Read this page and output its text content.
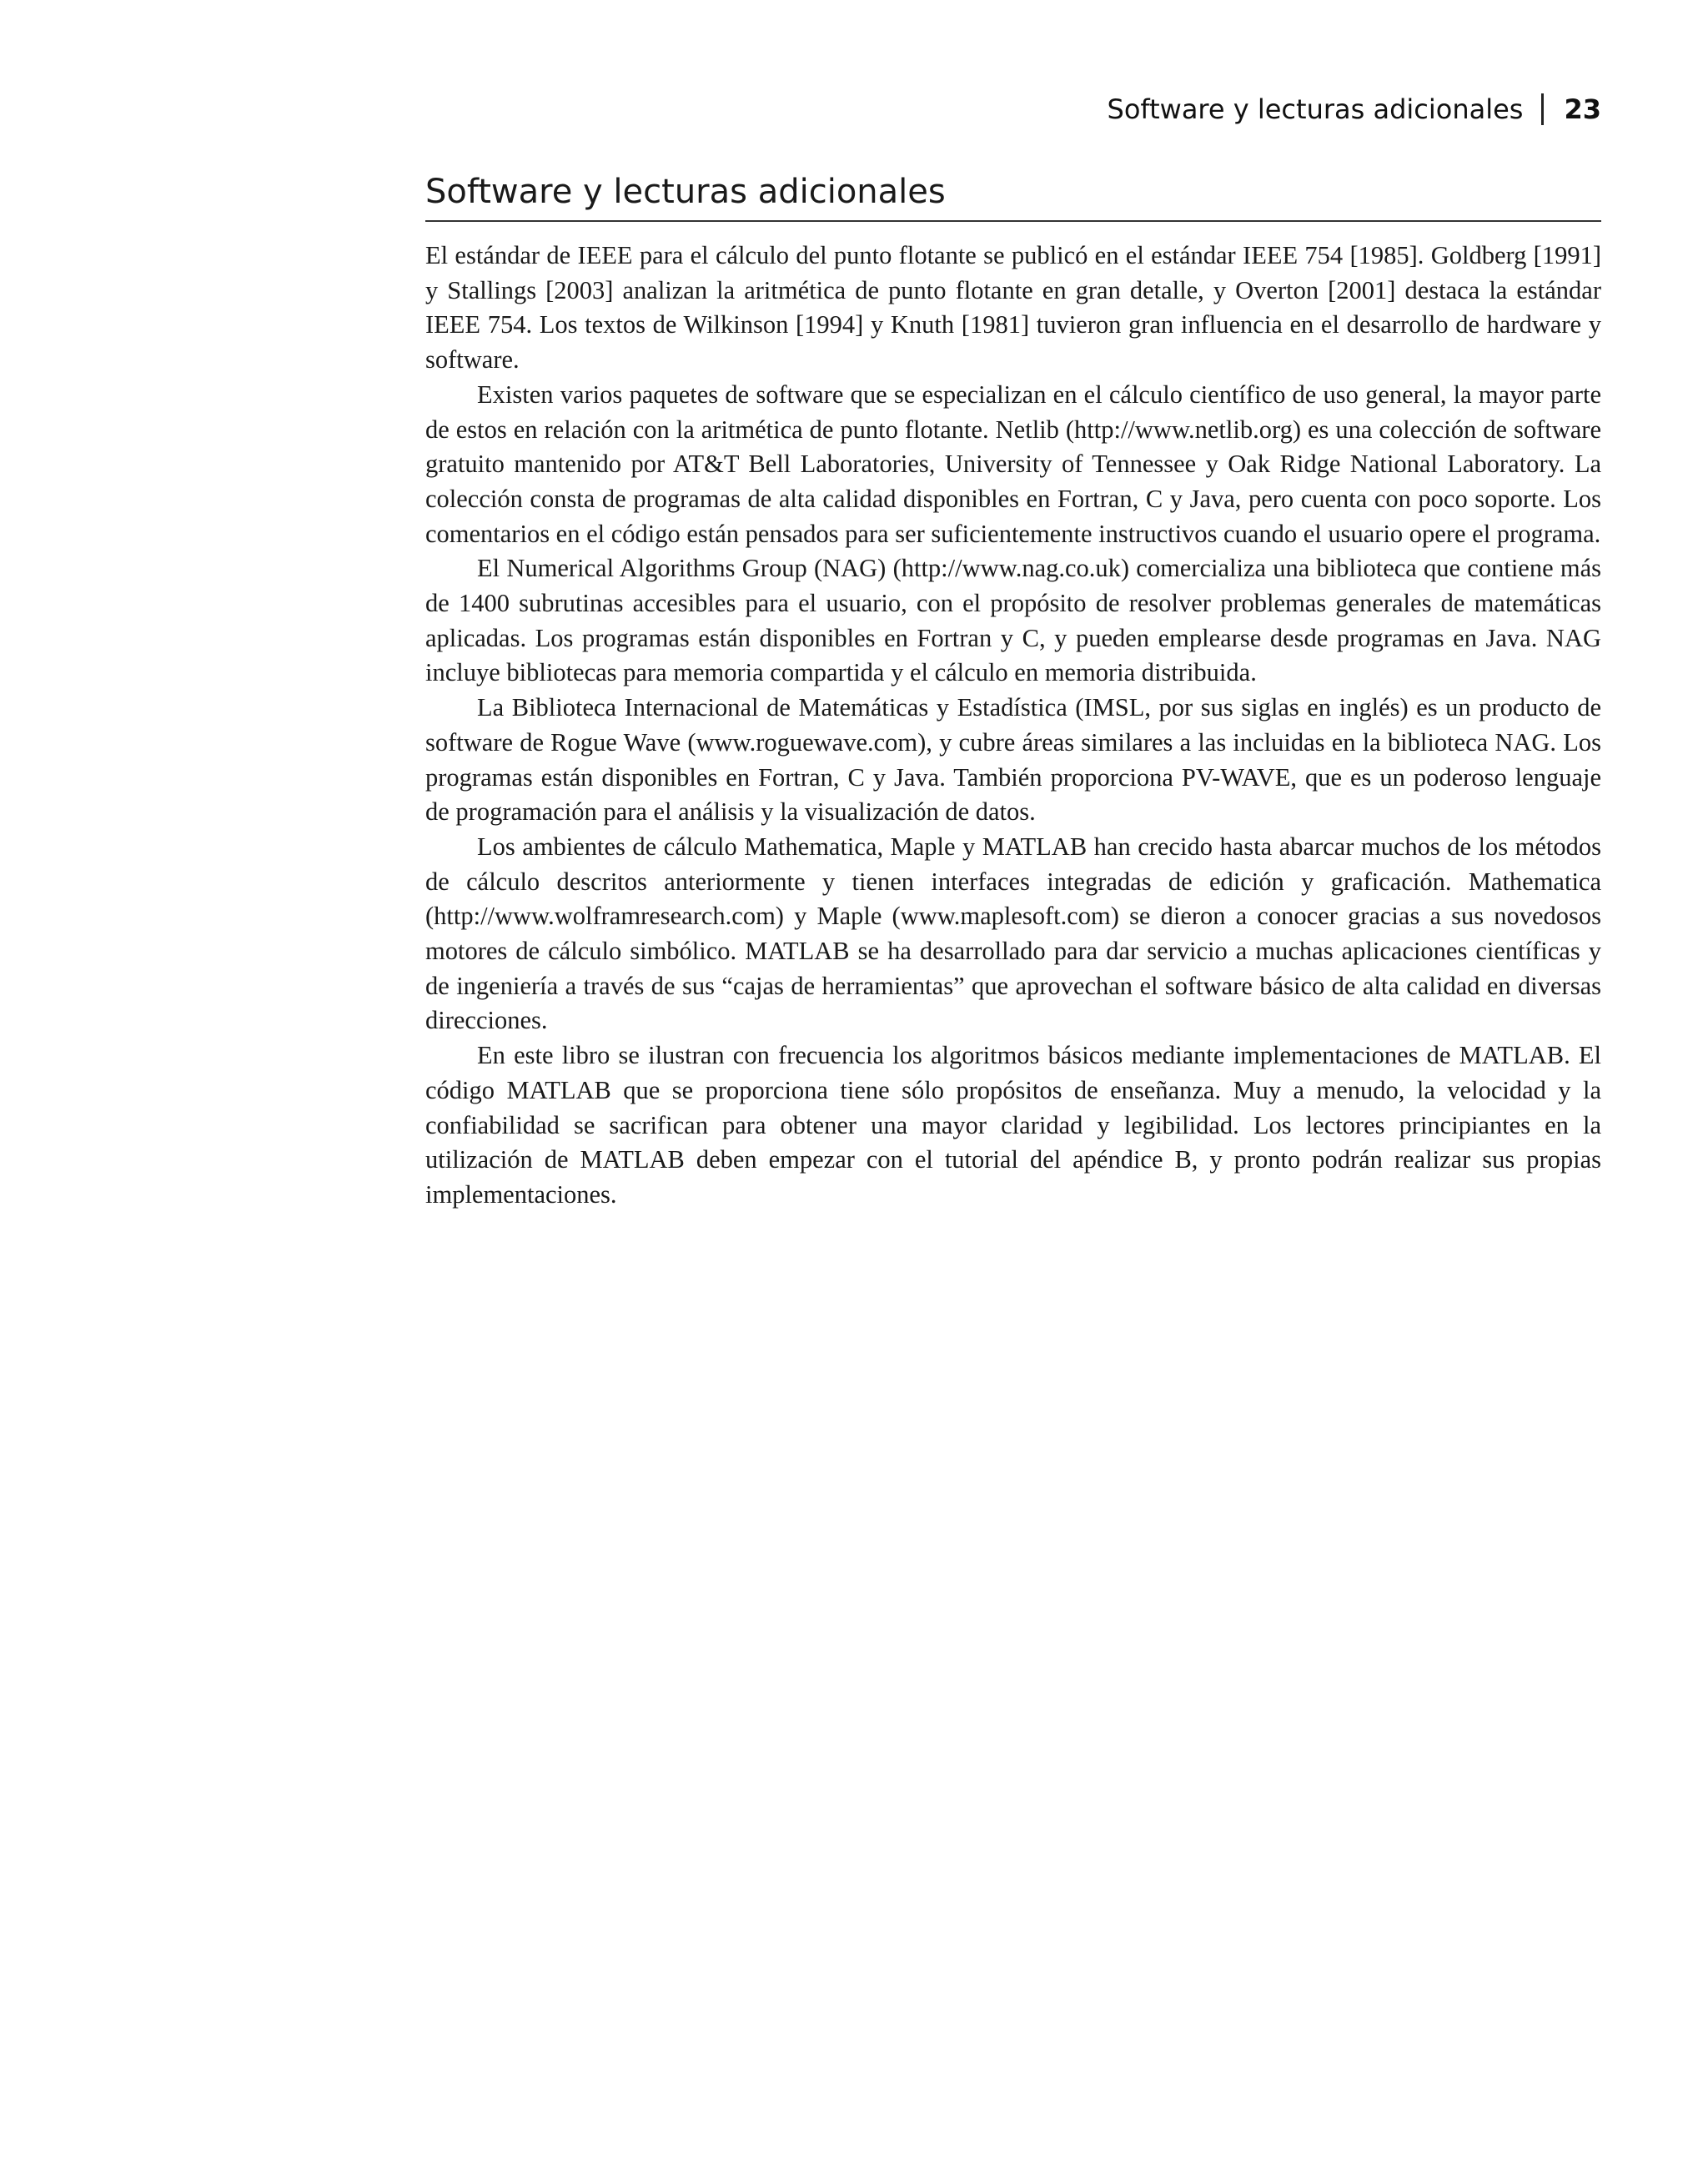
Software y lecturas adicionales 23
Software y lecturas adicionales

El estándar de IEEE para el cálculo del punto flotante se publicó en el estándar IEEE 754 [1985]. Goldberg [1991] y Stallings [2003] analizan la aritmética de punto flotante en gran detalle, y Overton [2001] destaca la estándar IEEE 754. Los textos de Wilkinson [1994] y Knuth [1981] tuvieron gran influencia en el desarrollo de hardware y software.

Existen varios paquetes de software que se especializan en el cálculo científico de uso general, la mayor parte de estos en relación con la aritmética de punto flotante. Netlib (http://www.netlib.​org) es una colección de software gratuito mantenido por AT&T Bell Laboratories, University of Tennessee y Oak Ridge National Laboratory. La colección consta de programas de alta calidad disponibles en Fortran, C y Java, pero cuenta con poco soporte. Los comentarios en el código están pensados para ser suficientemente instructivos cuando el usuario opere el programa.

El Numerical Algorithms Group (NAG) (http://www.nag.co.uk) comercializa una biblioteca que contiene más de 1400 subrutinas accesibles para el usuario, con el propósito de resolver problemas generales de matemáticas aplicadas. Los programas están disponibles en Fortran y C, y pueden emplearse desde programas en Java. NAG incluye bibliotecas para memoria compartida y el cálculo en memoria distribuida.

La Biblioteca Internacional de Matemáticas y Estadística (IMSL, por sus siglas en inglés) es un producto de software de Rogue Wave (www.roguewave.com), y cubre áreas similares a las incluidas en la biblioteca NAG. Los programas están disponibles en Fortran, C y Java. También proporciona PV-WAVE, que es un poderoso lenguaje de programación para el análisis y la visualización de datos.

Los ambientes de cálculo Mathematica, Maple y MATLAB han crecido hasta abarcar muchos de los métodos de cálculo descritos anteriormente y tienen interfaces integradas de edición y graficación. Mathematica (http://www.wolframresearch.com) y Maple (www.maplesoft.com) se dieron a conocer gracias a sus novedosos motores de cálculo simbólico. MATLAB se ha desarrollado para dar servicio a muchas aplicaciones científicas y de ingeniería a través de sus “cajas de herramientas” que aprovechan el software básico de alta calidad en diversas direcciones.

En este libro se ilustran con frecuencia los algoritmos básicos mediante implementaciones de MATLAB. El código MATLAB que se proporciona tiene sólo propósitos de enseñanza. Muy a menudo, la velocidad y la confiabilidad se sacrifican para obtener una mayor claridad y legibilidad. Los lectores principiantes en la utilización de MATLAB deben empezar con el tutorial del apéndice B, y pronto podrán realizar sus propias implementaciones.
